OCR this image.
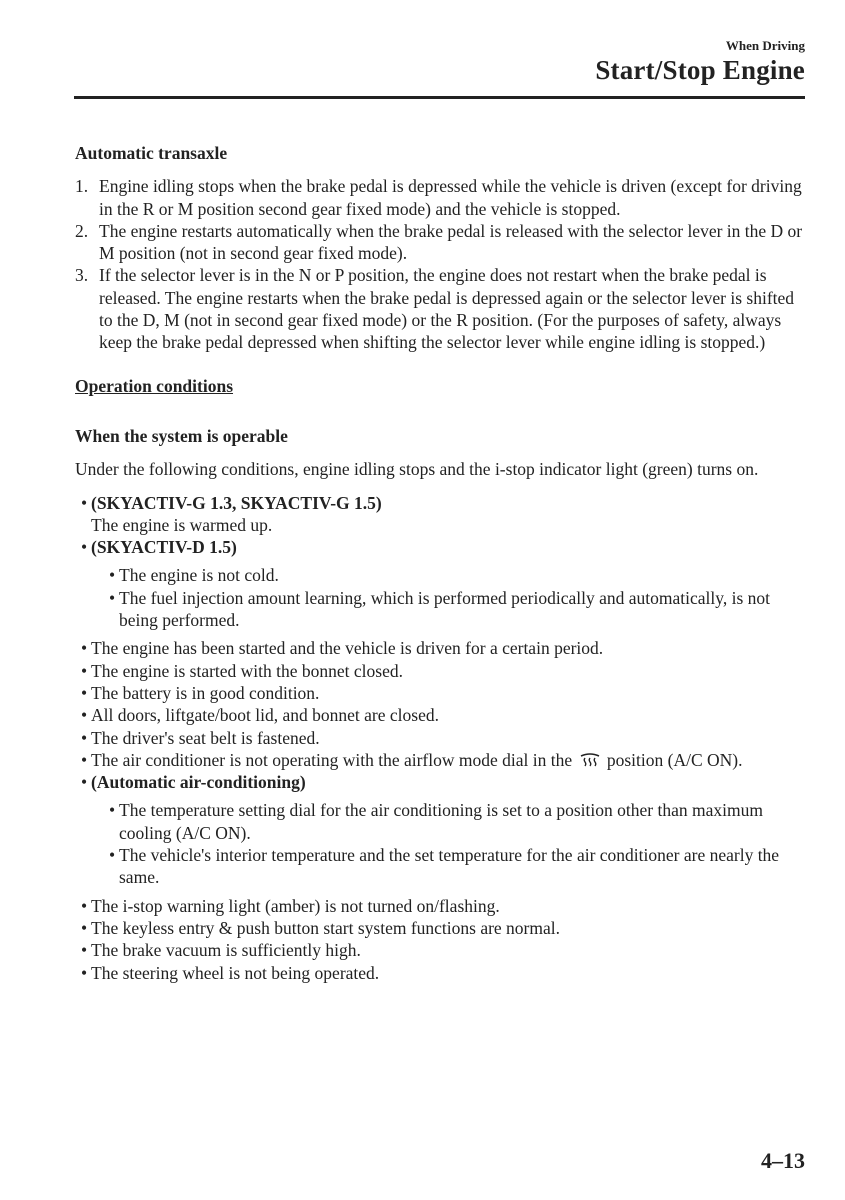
When Driving
Start/Stop Engine

Automatic transaxle

1. Engine idling stops when the brake pedal is depressed while the vehicle is driven (except for driving in the R or M position second gear fixed mode) and the vehicle is stopped.
2. The engine restarts automatically when the brake pedal is released with the selector lever in the D or M position (not in second gear fixed mode).
3. If the selector lever is in the N or P position, the engine does not restart when the brake pedal is released. The engine restarts when the brake pedal is depressed again or the selector lever is shifted to the D, M (not in second gear fixed mode) or the R position. (For the purposes of safety, always keep the brake pedal depressed when shifting the selector lever while engine idling is stopped.)

Operation conditions

When the system is operable

Under the following conditions, engine idling stops and the i-stop indicator light (green) turns on.

• (SKYACTIV-G 1.3, SKYACTIV-G 1.5)
The engine is warmed up.
• (SKYACTIV-D 1.5)
• The engine is not cold.
• The fuel injection amount learning, which is performed periodically and automatically, is not being performed.
• The engine has been started and the vehicle is driven for a certain period.
• The engine is started with the bonnet closed.
• The battery is in good condition.
• All doors, liftgate/boot lid, and bonnet are closed.
• The driver's seat belt is fastened.
• The air conditioner is not operating with the airflow mode dial in the position (A/C ON).
• (Automatic air-conditioning)
• The temperature setting dial for the air conditioning is set to a position other than maximum cooling (A/C ON).
• The vehicle's interior temperature and the set temperature for the air conditioner are nearly the same.
• The i-stop warning light (amber) is not turned on/flashing.
• The keyless entry & push button start system functions are normal.
• The brake vacuum is sufficiently high.
• The steering wheel is not being operated.
4–13
